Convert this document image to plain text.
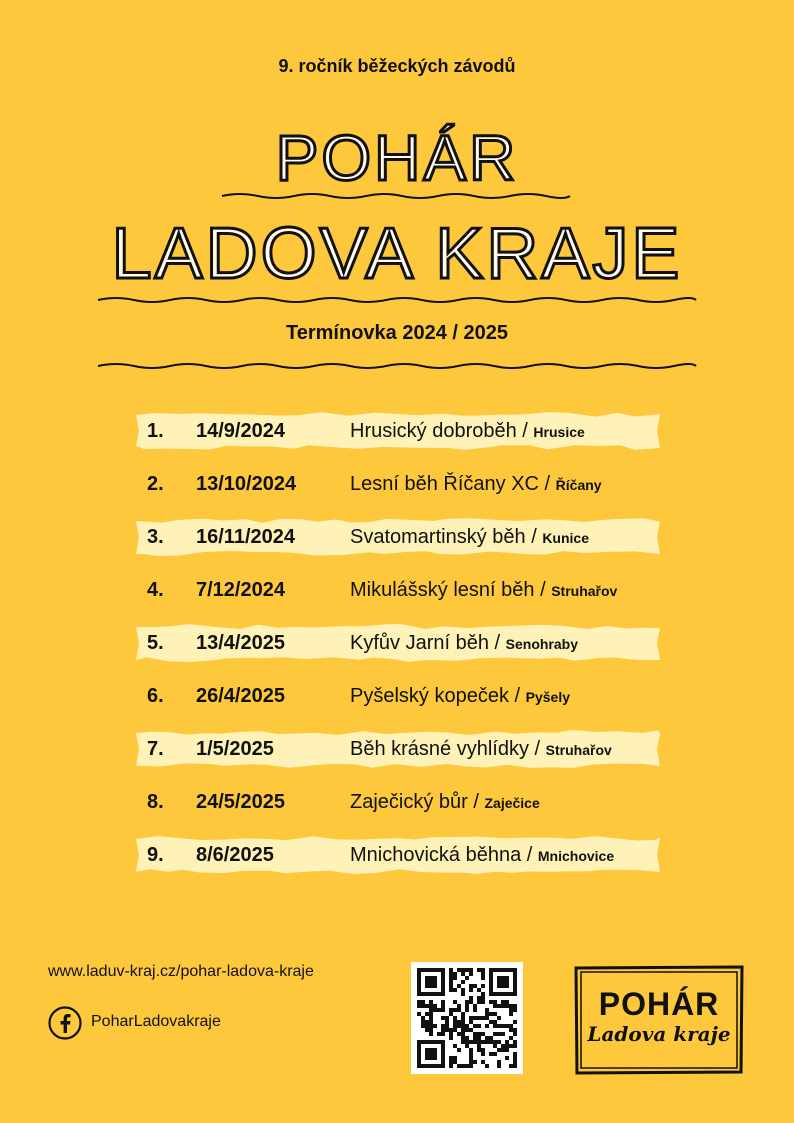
9. ročník běžeckých závodů
POHÁR
LADOVA KRAJE
Termínovka 2024 / 2025
1. 14/9/2024	Hrusický dobroběh / Hrusice
2. 13/10/2024	Lesní běh Říčany XC / Říčany
3. 16/11/2024	Svatomartinský běh / Kunice
4. 7/12/2024	Mikulášský lesní běh / Struhařov
5. 13/4/2025	Kyfův Jarní běh / Senohraby
6. 26/4/2025	Pyšelský kopeček / Pyšely
7. 1/5/2025	Běh krásné vyhlídky / Struhařov
8. 24/5/2025	Zaječický bůr / Zaječice
9. 8/6/2025	Mnichovická běhna / Mnichovice
www.laduv-kraj.cz/pohar-ladova-kraje
PoharLadovakraje	POHÁR
Ladova kraje
